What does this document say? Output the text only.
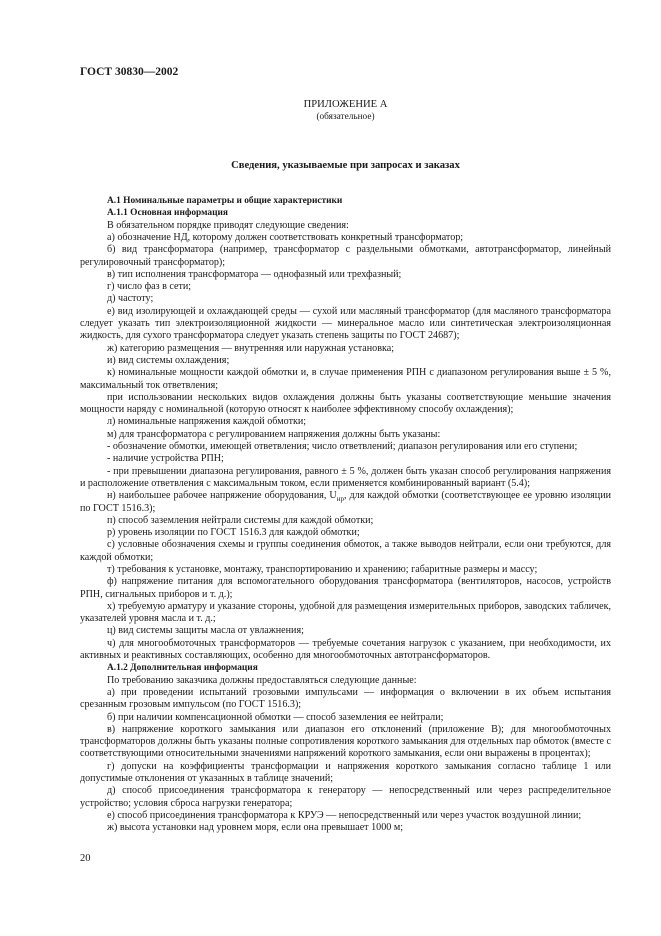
ГОСТ 30830—2002

ПРИЛОЖЕНИЕ А

(обязательное)

Сведения, указываемые при запросах и заказах

А.1 Номинальные параметры и общие характеристики

А.1.1 Основная информация

В обязательном порядке приводят следующие сведения:

а) обозначение НД, которому должен соответствовать конкретный трансформатор;

б) вид трансформатора (например, трансформатор с раздельными обмотками, автотрансформатор, линейный регулировочный трансформатор);

в) тип исполнения трансформатора — однофазный или трехфазный;

г) число фаз в сети;

д) частоту;

е) вид изолирующей и охлаждающей среды — сухой или масляный трансформатор (для масляного трансформатора следует указать тип электроизоляционной жидкости — минеральное масло или синтетическая электроизоляционная жидкость, для сухого трансформатора следует указать степень защиты по ГОСТ 24687);

ж) категорию размещения — внутренняя или наружная установка;

и) вид системы охлаждения;

к) номинальные мощности каждой обмотки и, в случае применения РПН с диапазоном регулирования выше ± 5 %, максимальный ток ответвления;

при использовании нескольких видов охлаждения должны быть указаны соответствующие меньшие значения мощности наряду с номинальной (которую относят к наиболее эффективному способу охлаждения);

л) номинальные напряжения каждой обмотки;

м) для трансформатора с регулированием напряжения должны быть указаны:

- обозначение обмотки, имеющей ответвления; число ответвлений; диапазон регулирования или его ступени;

- наличие устройства РПН;

- при превышении диапазона регулирования, равного ± 5 %, должен быть указан способ регулирования напряжения и расположение ответвления с максимальным током, если применяется комбинированный вариант (5.4);

н) наибольшее рабочее напряжение оборудования, $U_{нр}$, для каждой обмотки (соответствующее ее уровню изоляции по ГОСТ 1516.3);

п) способ заземления нейтрали системы для каждой обмотки;

р) уровень изоляции по ГОСТ 1516.3 для каждой обмотки;

с) условные обозначения схемы и группы соединения обмоток, а также выводов нейтрали, если они требуются, для каждой обмотки;

т) требования к установке, монтажу, транспортированию и хранению; габаритные размеры и массу;

ф) напряжение питания для вспомогательного оборудования трансформатора (вентиляторов, насосов, устройств РПН, сигнальных приборов и т. д.);

х) требуемую арматуру и указание стороны, удобной для размещения измерительных приборов, заводских табличек, указателей уровня масла и т. д.;

ц) вид системы защиты масла от увлажнения;

ч) для многообмоточных трансформаторов — требуемые сочетания нагрузок с указанием, при необходимости, их активных и реактивных составляющих, особенно для многообмоточных автотрансформаторов.

А.1.2 Дополнительная информация

По требованию заказчика должны предоставляться следующие данные:

а) при проведении испытаний грозовыми импульсами — информация о включении в их объем испытания срезанным грозовым импульсом (по ГОСТ 1516.3);

б) при наличии компенсационной обмотки — способ заземления ее нейтрали;

в) напряжение короткого замыкания или диапазон его отклонений (приложение В); для многообмоточных трансформаторов должны быть указаны полные сопротивления короткого замыкания для отдельных пар обмоток (вместе с соответствующими относительными значениями напряжений короткого замыкания, если они выражены в процентах);

г) допуски на коэффициенты трансформации и напряжения короткого замыкания согласно таблице 1 или допустимые отклонения от указанных в таблице значений;

д) способ присоединения трансформатора к генератору — непосредственный или через распределительное устройство; условия сброса нагрузки генератора;

е) способ присоединения трансформатора к КРУЭ — непосредственный или через участок воздушной линии;

ж) высота установки над уровнем моря, если она превышает 1000 м;

20
